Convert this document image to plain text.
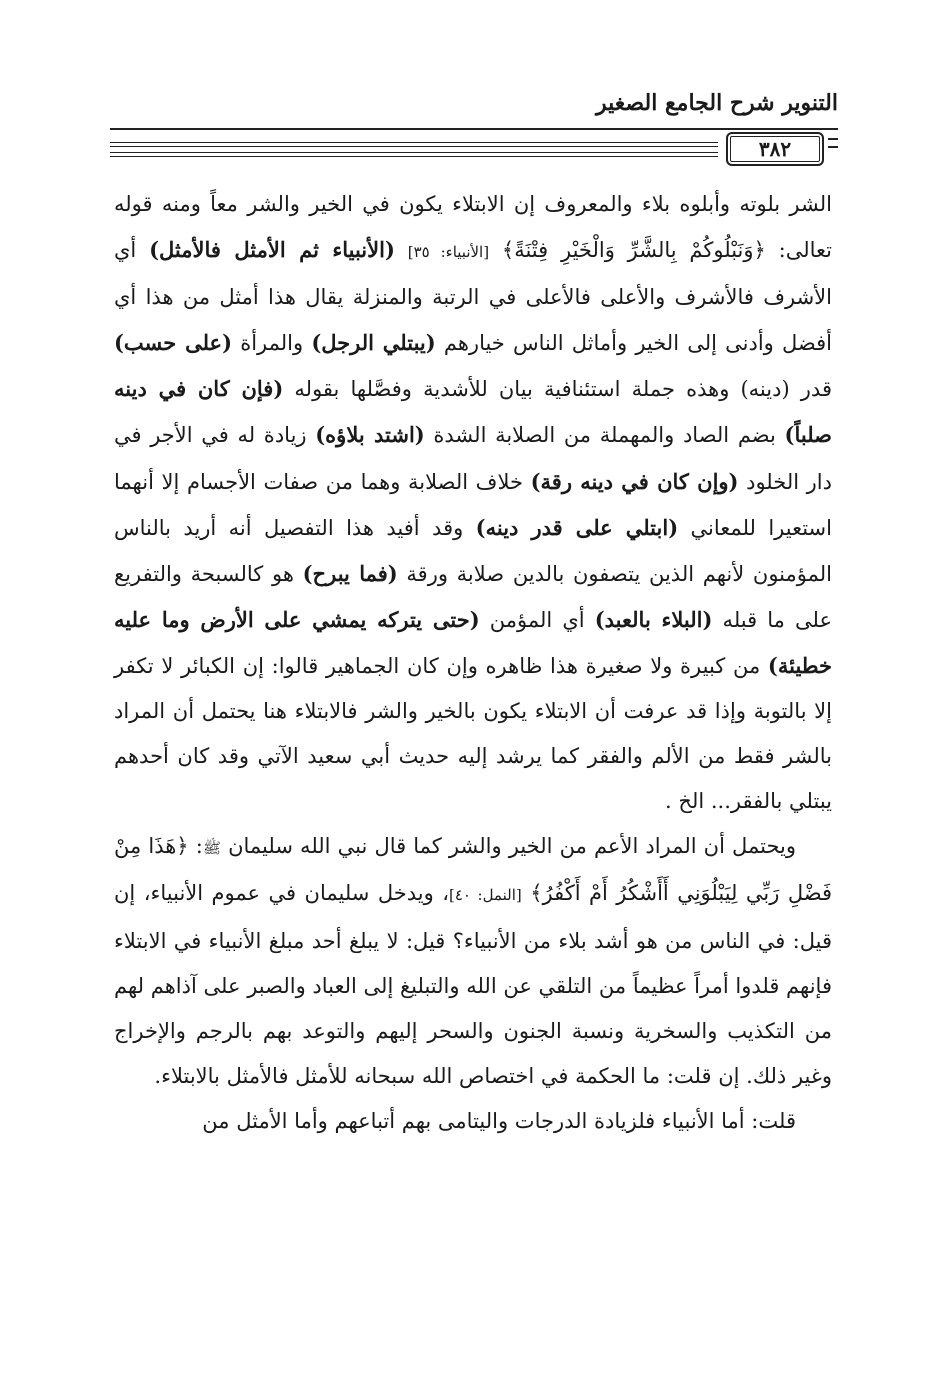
التنوير شرح الجامع الصغير
٣٨٢

الشر بلوته وأبلوه بلاء والمعروف إن الابتلاء يكون في الخير والشر معاً ومنه قوله تعالى: ﴿وَنَبْلُوكُمْ بِالشَّرِّ وَالْخَيْرِ فِتْنَةً﴾ [الأنبياء: ٣٥] (الأنبياء ثم الأمثل فالأمثل) أي الأشرف فالأشرف والأعلى فالأعلى في الرتبة والمنزلة يقال هذا أمثل من هذا أي أفضل وأدنى إلى الخير وأماثل الناس خيارهم (يبتلي الرجل) والمرأة (على حسب) قدر (دينه) وهذه جملة استئنافية بيان للأشدية وفصَّلها بقوله (فإن كان في دينه صلباً) بضم الصاد والمهملة من الصلابة الشدة (اشتد بلاؤه) زيادة له في الأجر في دار الخلود (وإن كان في دينه رقة) خلاف الصلابة وهما من صفات الأجسام إلا أنهما استعيرا للمعاني (ابتلي على قدر دينه) وقد أفيد هذا التفصيل أنه أريد بالناس المؤمنون لأنهم الذين يتصفون بالدين صلابة ورقة (فما يبرح) هو كالسبحة والتفريع على ما قبله (البلاء بالعبد) أي المؤمن (حتى يتركه يمشي على الأرض وما عليه خطيئة) من كبيرة ولا صغيرة هذا ظاهره وإن كان الجماهير قالوا: إن الكبائر لا تكفر إلا بالتوبة وإذا قد عرفت أن الابتلاء يكون بالخير والشر فالابتلاء هنا يحتمل أن المراد بالشر فقط من الألم والفقر كما يرشد إليه حديث أبي سعيد الآتي وقد كان أحدهم يبتلي بالفقر... الخ .

ويحتمل أن المراد الأعم من الخير والشر كما قال نبي الله سليمان ﷺ: ﴿هَذَا مِنْ فَضْلِ رَبِّي لِيَبْلُوَنِي أَأَشْكُرُ أَمْ أَكْفُرُ﴾ [النمل: ٤٠]، ويدخل سليمان في عموم الأنبياء، إن قيل: في الناس من هو أشد بلاء من الأنبياء؟ قيل: لا يبلغ أحد مبلغ الأنبياء في الابتلاء فإنهم قلدوا أمراً عظيماً من التلقي عن الله والتبليغ إلى العباد والصبر على آذاهم لهم من التكذيب والسخرية ونسبة الجنون والسحر إليهم والتوعد بهم بالرجم والإخراج وغير ذلك. إن قلت: ما الحكمة في اختصاص الله سبحانه للأمثل فالأمثل بالابتلاء.

قلت: أما الأنبياء فلزيادة الدرجات واليتامى بهم أتباعهم وأما الأمثل من
